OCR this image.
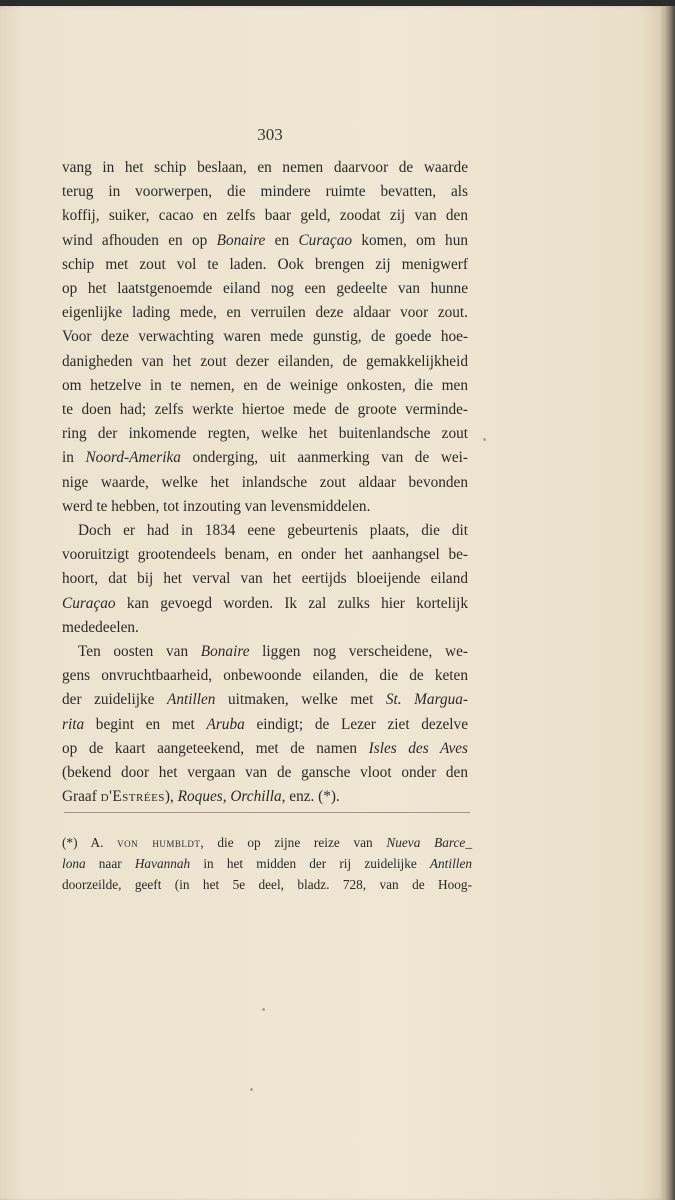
303
vang in het schip beslaan, en nemen daarvoor de waarde
terug in voorwerpen, die mindere ruimte bevatten, als
koffij, suiker, cacao en zelfs baar geld, zoodat zij van den
wind afhouden en op Bonaire en Curaçao komen, om hun
schip met zout vol te laden. Ook brengen zij menigwerf
op het laatstgenoemde eiland nog een gedeelte van hunne
eigenlijke lading mede, en verruilen deze aldaar voor zout.
Voor deze verwachting waren mede gunstig, de goede hoe-
danigheden van het zout dezer eilanden, de gemakkelijkheid
om hetzelve in te nemen, en de weinige onkosten, die men
te doen had; zelfs werkte hiertoe mede de groote verminde-
ring der inkomende regten, welke het buitenlandsche zout
in Noord-Amerika onderging, uit aanmerking van de wei-
nige waarde, welke het inlandsche zout aldaar bevonden
werd te hebben, tot inzouting van levensmiddelen.
Doch er had in 1834 eene gebeurtenis plaats, die dit
vooruitzigt grootendeels benam, en onder het aanhangsel be-
hoort, dat bij het verval van het eertijds bloeijende eiland
Curaçao kan gevoegd worden. Ik zal zulks hier kortelijk
mededeelen.
Ten oosten van Bonaire liggen nog verscheidene, we-
gens onvruchtbaarheid, onbewoonde eilanden, die de keten
der zuidelijke Antillen uitmaken, welke met St. Margua-
rita begint en met Aruba eindigt; de Lezer ziet dezelve
op de kaart aangeteekend, met de namen Isles des Aves
(bekend door het vergaan van de gansche vloot onder den
Graaf d'Estrées), Roques, Orchilla, enz. (*).
(*) A. von humbldt, die op zijne reize van Nueva Barce_
lona naar Havannah in het midden der rij zuidelijke Antillen
doorzeilde, geeft (in het 5e deel, bladz. 728, van de Hoog-
